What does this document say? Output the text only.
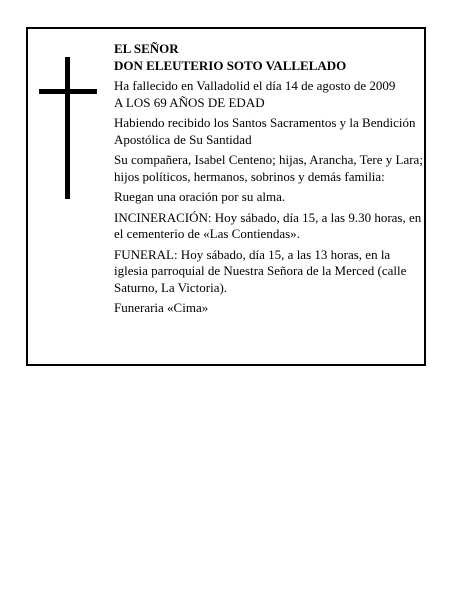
EL SEÑOR

DON ELEUTERIO SOTO VALLELADO

Ha fallecido en Valladolid el día 14 de agosto de 2009

A LOS 69 AÑOS DE EDAD

Habiendo recibido los Santos Sacramentos y la Bendición Apostólica de Su Santidad

Su compañera, Isabel Centeno; hijas, Arancha, Tere y Lara; hijos políticos, hermanos, sobrinos y demás familia:

Ruegan una oración por su alma.

INCINERACIÓN: Hoy sábado, día 15, a las 9.30 horas, en el cementerio de «Las Contiendas».

FUNERAL: Hoy sábado, día 15, a las 13 horas, en la iglesia parroquial de Nuestra Señora de la Merced (calle Saturno, La Victoria).

Funeraria «Cima»
